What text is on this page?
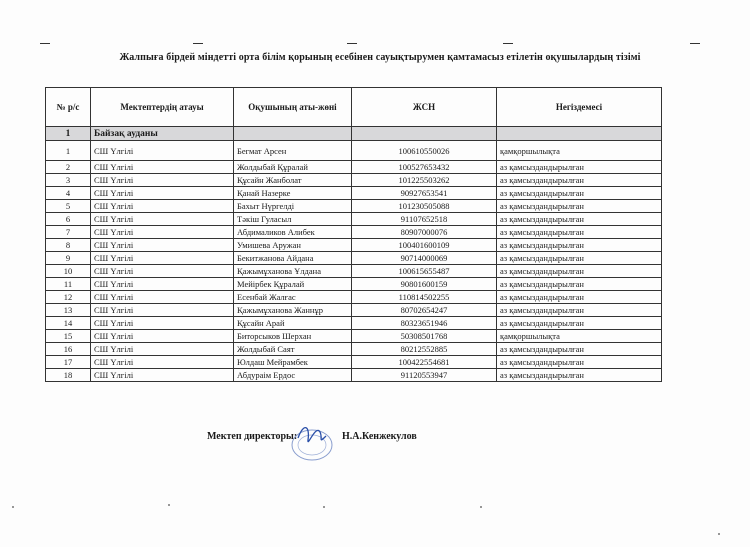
Жалпыға бірдей міндетті орта білім қорының есебінен сауықтырумен қамтамасыз етілетін оқушылардың тізімі
№ р/с	Мектептердің атауы	Оқушының аты-жөні	ЖСН	Негіздемесі
1	Байзақ ауданы			
1	СШ Үлгілі	Бегмат Арсен	100610550026	қамқоршылықта
2	СШ Үлгілі	Жолдыбай Құралай	100527653432	аз қамсыздандырылған
3	СШ Үлгілі	Құсайн Жанболат	101225503262	аз қамсыздандырылған
4	СШ Үлгілі	Қанай Назерке	90927653541	аз қамсыздандырылған
5	СШ Үлгілі	Бахыт Нүргелді	101230505088	аз қамсыздандырылған
6	СШ Үлгілі	Тәкіш Гуласыл	91107652518	аз қамсыздандырылған
7	СШ Үлгілі	Абдималиков Алибек	80907000076	аз қамсыздандырылған
8	СШ Үлгілі	Умишева Аружан	100401600109	аз қамсыздандырылған
9	СШ Үлгілі	Бекитжанова Айдана	90714000069	аз қамсыздандырылған
10	СШ Үлгілі	Қажымұханова Ұлдана	100615655487	аз қамсыздандырылған
11	СШ Үлгілі	Мейірбек Құралай	90801600159	аз қамсыздандырылған
12	СШ Үлгілі	Есенбай Жалғас	110814502255	аз қамсыздандырылған
13	СШ Үлгілі	Қажымұханова Жаннұр	80702654247	аз қамсыздандырылған
14	СШ Үлгілі	Құсайн Арай	80323651946	аз қамсыздандырылған
15	СШ Үлгілі	Биторсыков Шерхан	50308501768	қамқоршылықта
16	СШ Үлгілі	Жолдыбай Саят	80212552885	аз қамсыздандырылған
17	СШ Үлгілі	Юлдаш Мейрамбек	100422554681	аз қамсыздандырылған
18	СШ Үлгілі	Абдураім Ердос	91120553947	аз қамсыздандырылған
Мектеп директоры:	Н.А.Кенжекулов
